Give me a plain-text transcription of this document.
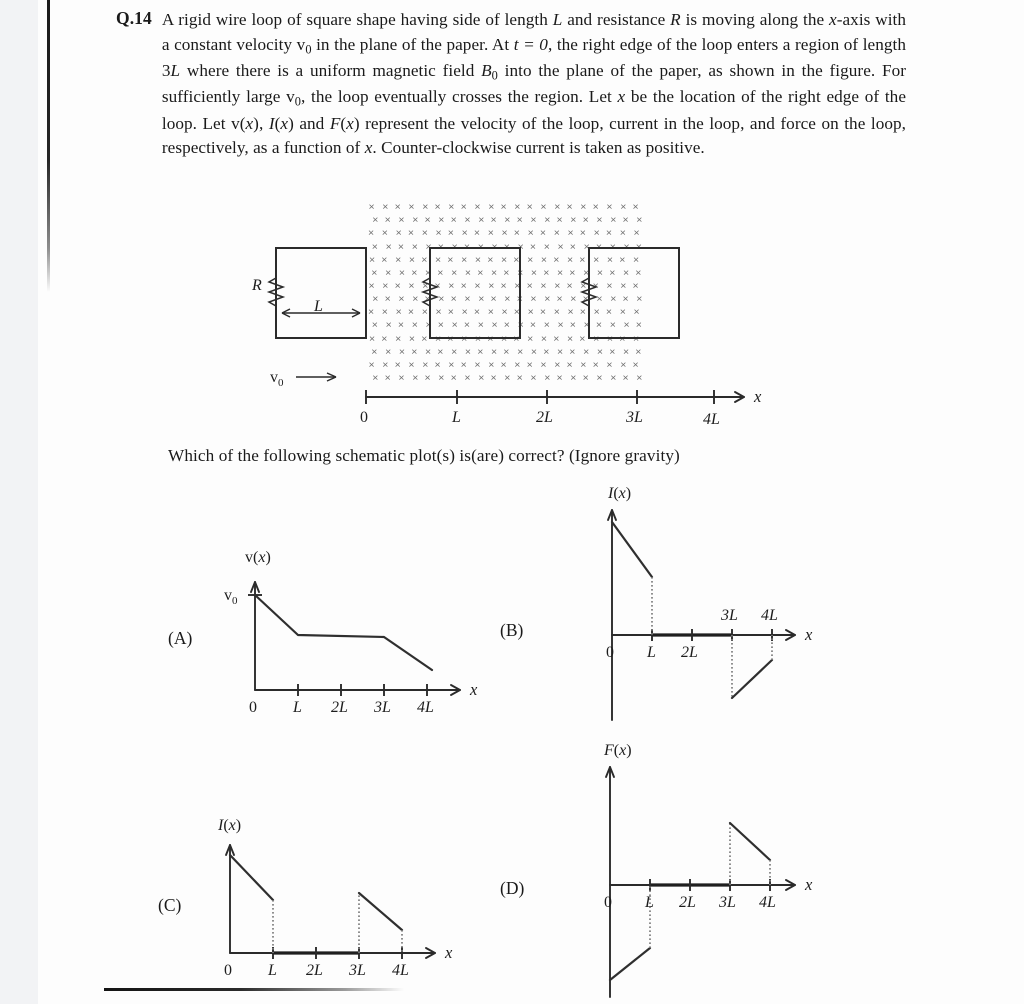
Q.14 A rigid wire loop of square shape having side of length L and resistance R is moving along the x-axis with a constant velocity $v_0$ in the plane of the paper. At t = 0, the right edge of the loop enters a region of length 3L where there is a uniform magnetic field $B_0$ into the plane of the paper, as shown in the figure. For sufficiently large $v_0$, the loop eventually crosses the region. Let x be the location of the right edge of the loop. Let v(x), I(x) and F(x) represent the velocity of the loop, current in the loop, and force on the loop, respectively, as a function of x. Counter-clockwise current is taken as positive.
× × × × × × × × × × × × × × × × × × × × ×
× × × × × × × × × × × × × × × × × × × × ×
× × × × × × × × × × × × × × × × × × × × ×
× × × × × × × × × × × × × × × × × × × × ×
× × × × × × × × × × × × × × × × × × × × ×
× × × × × × × × × × × × × × × × × × × × ×
× × × × × × × × × × × × × × × × × × × × ×
× × × × × × × × × × × × × × × × × × × × ×
× × × × × × × × × × × × × × × × × × × × ×
× × × × × × × × × × × × × × × × × × × × ×
× × × × × × × × × × × × × × × × × × × × ×
× × × × × × × × × × × × × × × × × × × × ×
× × × × × × × × × × × × × × × × × × × × ×
× × × × × × × × × × × × × × × × × × × × ×
R
L
$v_0$
0	L	2L	3L	4L
x
Which of the following schematic plot(s) is(are) correct? (Ignore gravity)
(A)
v(x)
$v_0$
0 L 2L 3L 4L
x
(B)
I(x)
0 L 2L
3L 4L
x
(C)
I(x)
0 L 2L 3L 4L
x
(D)
F(x)
0 L 2L 3L 4L
x
